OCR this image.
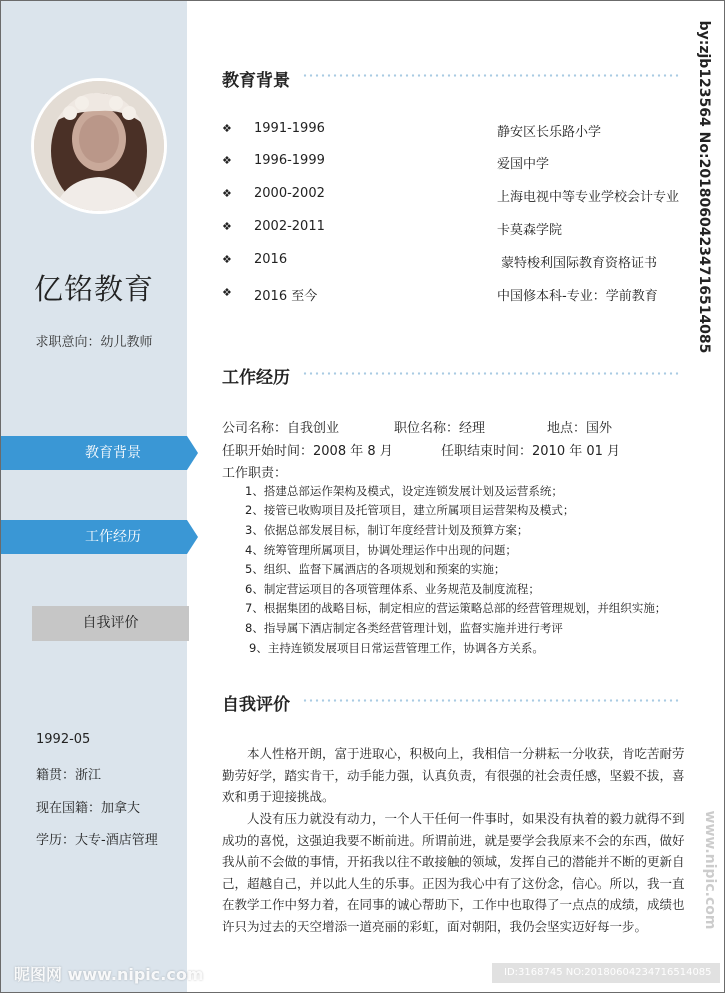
亿铭教育
求职意向：幼儿教师
教育背景
工作经历
自我评价
1992-05
籍贯：浙江
现在国籍：加拿大
学历：大专-酒店管理
教育背景
❖ 1991-1996	静安区长乐路小学
❖ 1996-1999	爱国中学
❖ 2000-2002	上海电视中等专业学校会计专业
❖ 2002-2011	卡莫森学院
❖ 2016	蒙特梭利国际教育资格证书
❖ 2016 至今	中国修本科-专业：学前教育
工作经历
公司名称：自我创业	职位名称：经理	地点：国外
任职开始时间：2008 年 8 月	任职结束时间：2010 年 01 月
工作职责：
1、搭建总部运作架构及模式，设定连锁发展计划及运营系统；
2、接管已收购项目及托管项目，建立所属项目运营架构及模式；
3、依据总部发展目标，制订年度经营计划及预算方案；
4、统筹管理所属项目，协调处理运作中出现的问题；
5、组织、监督下属酒店的各项规划和预案的实施；
6、制定营运项目的各项管理体系、业务规范及制度流程；
7、根据集团的战略目标，制定相应的营运策略总部的经营管理规划，并组织实施；
8、指导属下酒店制定各类经营管理计划，监督实施并进行考评
9、主持连锁发展项目日常运营管理工作，协调各方关系。
自我评价

本人性格开朗，富于进取心，积极向上，我相信一分耕耘一分收获，肯吃苦耐劳勤劳好学，踏实肯干，动手能力强，认真负责，有很强的社会责任感，坚毅不拔，喜欢和勇于迎接挑战。

人没有压力就没有动力，一个人干任何一件事时，如果没有执着的毅力就得不到成功的喜悦，这强迫我要不断前进。所谓前进，就是要学会我原来不会的东西，做好我从前不会做的事情，开拓我以往不敢接触的领域，发挥自己的潜能并不断的更新自己，超越自己，并以此人生的乐事。正因为我心中有了这份念，信心。所以，我一直在教学工作中努力着，在同事的诚心帮助下，工作中也取得了一点点的成绩，成绩也许只为过去的天空增添一道亮丽的彩虹，面对朝阳，我仍会坚实迈好每一步。

by:zjb123564 No:20180604234716514085
www.nipic.com
昵图网 www.nipic.com	ID:3168745 NO:20180604234716514085
